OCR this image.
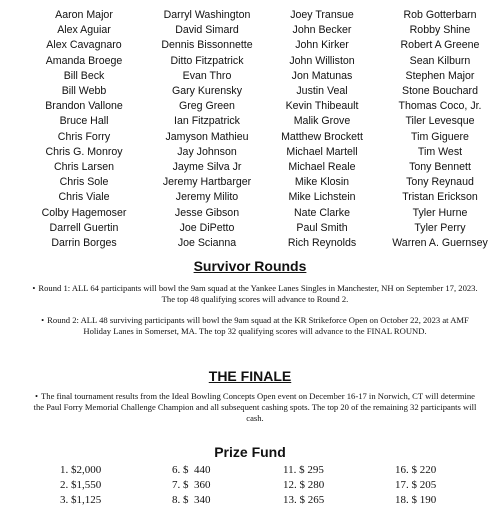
Aaron Major
Alex Aguiar
Alex Cavagnaro
Amanda Broege
Bill Beck
Bill Webb
Brandon Vallone
Bruce Hall
Chris Forry
Chris G. Monroy
Chris Larsen
Chris Sole
Chris Viale
Colby Hagemoser
Darrell Guertin
Darrin Borges
Darryl Washington
David Simard
Dennis Bissonnette
Ditto Fitzpatrick
Evan Thro
Gary Kurensky
Greg Green
Ian Fitzpatrick
Jamyson Mathieu
Jay Johnson
Jayme Silva Jr
Jeremy Hartbarger
Jeremy Milito
Jesse Gibson
Joe DiPetto
Joe Scianna
Joey Transue
John Becker
John Kirker
John Williston
Jon Matunas
Justin Veal
Kevin Thibeault
Malik Grove
Matthew Brockett
Michael Martell
Michael Reale
Mike Klosin
Mike Lichstein
Nate Clarke
Paul Smith
Rich Reynolds
Rob Gotterbarn
Robby Shine
Robert A Greene
Sean Kilburn
Stephen Major
Stone Bouchard
Thomas Coco, Jr.
Tiler Levesque
Tim Giguere
Tim West
Tony Bennett
Tony Reynaud
Tristan Erickson
Tyler Hurne
Tyler Perry
Warren A. Guernsey
Survivor Rounds
• Round 1: ALL 64 participants will bowl the 9am squad at the Yankee Lanes Singles in Manchester, NH on September 17, 2023. The top 48 qualifying scores will advance to Round 2.
• Round 2: ALL 48 surviving participants will bowl the 9am squad at the KR Strikeforce Open on October 22, 2023 at AMF Holiday Lanes in Somerset, MA. The top 32 qualifying scores will advance to the FINAL ROUND.
THE FINALE
• The final tournament results from the Ideal Bowling Concepts Open event on December 16-17 in Norwich, CT will determine the Paul Forry Memorial Challenge Champion and all subsequent cashing spots. The top 20 of the remaining 32 participants will cash.
Prize Fund
1. $2,000
2. $1,550
3. $1,125
6. $  440
7. $  360
8. $  340
11. $ 295
12. $ 280
13. $ 265
16. $ 220
17. $ 205
18. $ 190
